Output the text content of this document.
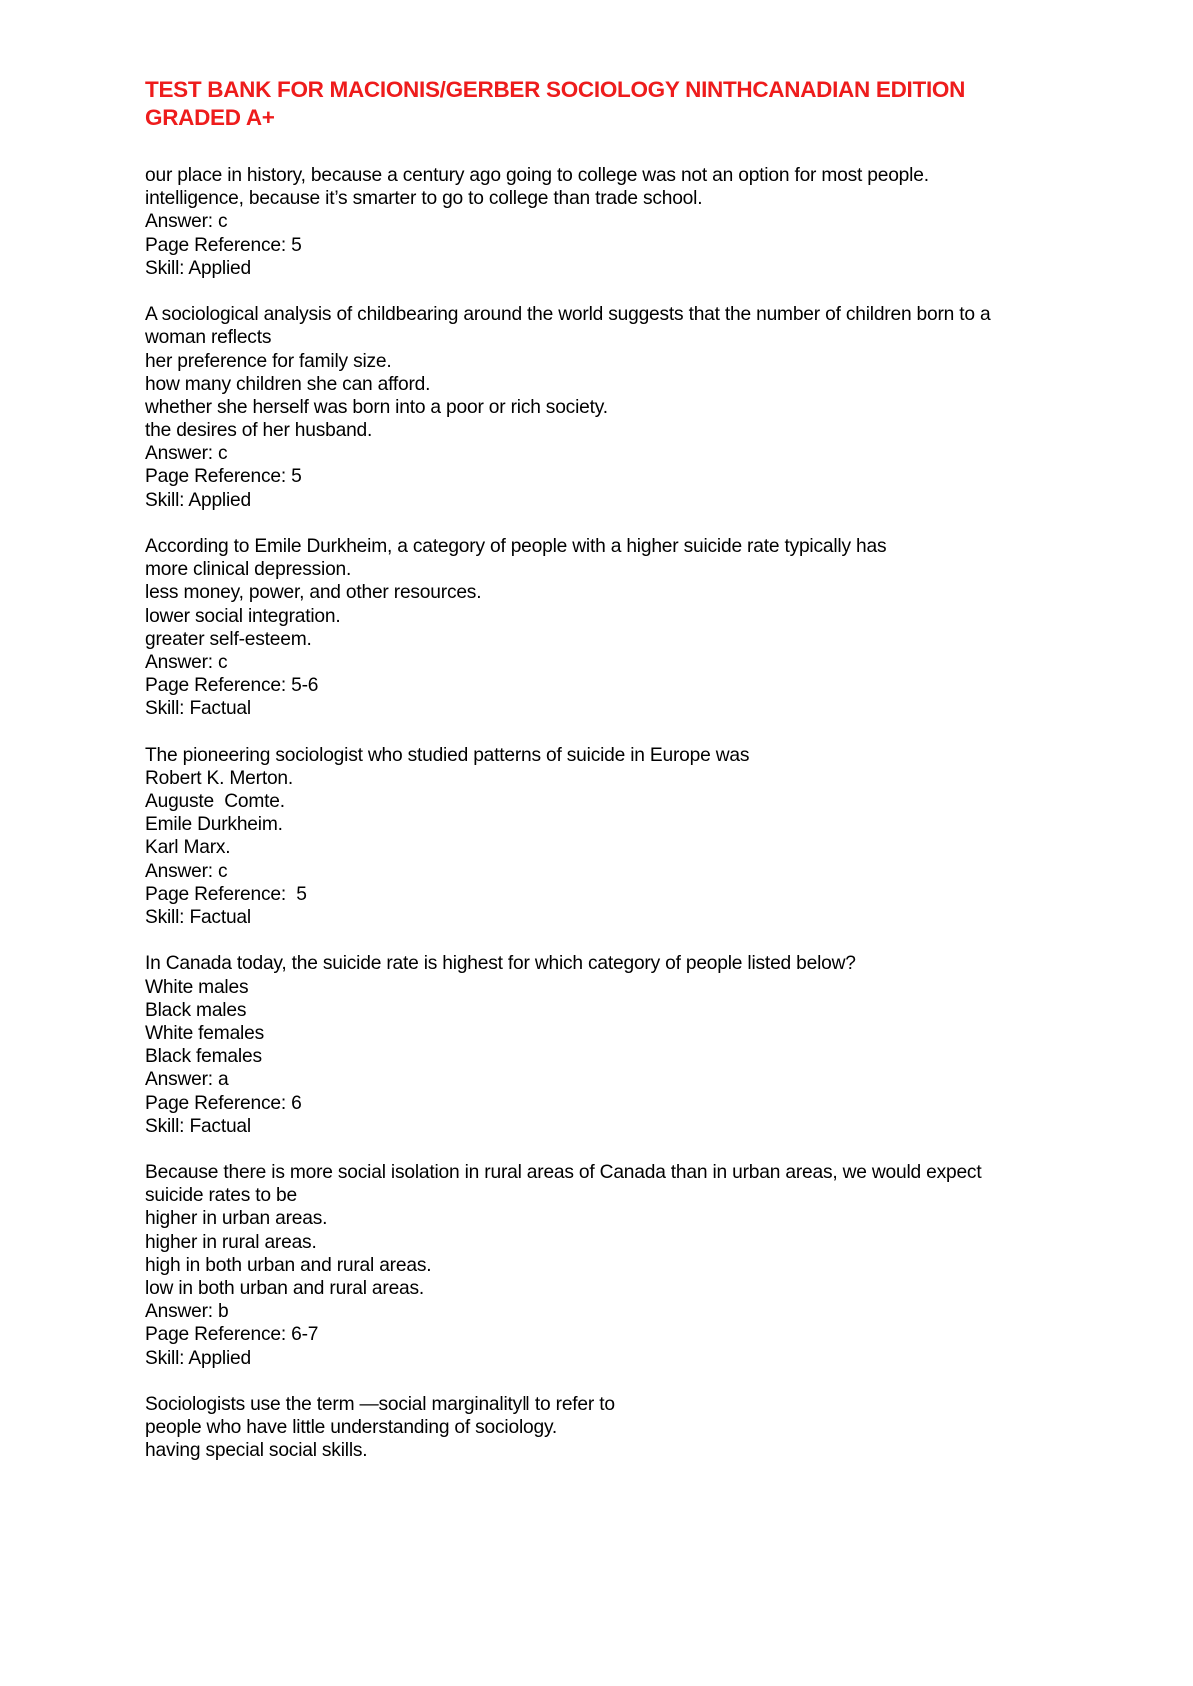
TEST BANK FOR MACIONIS/GERBER SOCIOLOGY NINTHCANADIAN EDITION
GRADED A+
our place in history, because a century ago going to college was not an option for most people.
intelligence, because it’s smarter to go to college than trade school.
Answer: c
Page Reference: 5
Skill: Applied
A sociological analysis of childbearing around the world suggests that the number of children born to a
woman reflects
her preference for family size.
how many children she can afford.
whether she herself was born into a poor or rich society.
the desires of her husband.
Answer: c
Page Reference: 5
Skill: Applied
According to Emile Durkheim, a category of people with a higher suicide rate typically has
more clinical depression.
less money, power, and other resources.
lower social integration.
greater self-esteem.
Answer: c
Page Reference: 5-6
Skill: Factual
The pioneering sociologist who studied patterns of suicide in Europe was
Robert K. Merton.
Auguste  Comte.
Emile Durkheim.
Karl Marx.
Answer: c
Page Reference:  5
Skill: Factual
In Canada today, the suicide rate is highest for which category of people listed below?
White males
Black males
White females
Black females
Answer: a
Page Reference: 6
Skill: Factual
Because there is more social isolation in rural areas of Canada than in urban areas, we would expect
suicide rates to be
higher in urban areas.
higher in rural areas.
high in both urban and rural areas.
low in both urban and rural areas.
Answer: b
Page Reference: 6-7
Skill: Applied
Sociologists use the term ―social marginality‖ to refer to
people who have little understanding of sociology.
having special social skills.
